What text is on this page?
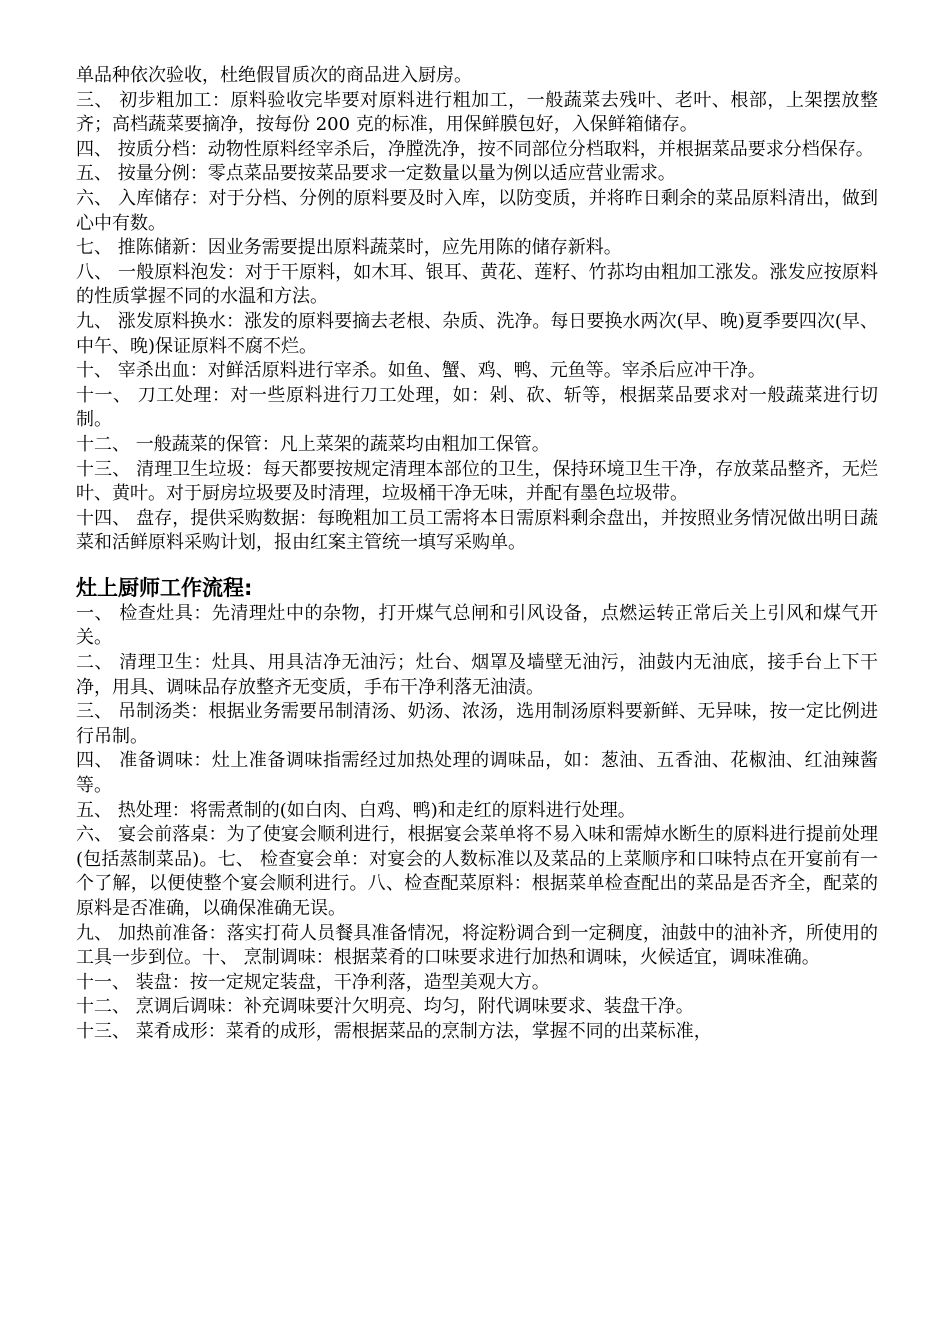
单品种依次验收，杜绝假冒质次的商品进入厨房。

三、 初步粗加工：原料验收完毕要对原料进行粗加工，一般蔬菜去残叶、老叶、根部，上架摆放整齐；高档蔬菜要摘净，按每份 200 克的标准，用保鲜膜包好，入保鲜箱储存。

四、 按质分档：动物性原料经宰杀后，净膛洗净，按不同部位分档取料，并根据菜品要求分档保存。

五、 按量分例：零点菜品要按菜品要求一定数量以量为例以适应营业需求。

六、 入库储存：对于分档、分例的原料要及时入库，以防变质，并将昨日剩余的菜品原料清出，做到心中有数。

七、 推陈储新：因业务需要提出原料蔬菜时，应先用陈的储存新料。

八、 一般原料泡发：对于干原料，如木耳、银耳、黄花、莲籽、竹荪均由粗加工涨发。涨发应按原料的性质掌握不同的水温和方法。

九、 涨发原料换水：涨发的原料要摘去老根、杂质、洗净。每日要换水两次(早、晚)夏季要四次(早、中午、晚)保证原料不腐不烂。

十、 宰杀出血：对鲜活原料进行宰杀。如鱼、蟹、鸡、鸭、元鱼等。宰杀后应冲干净。

十一、 刀工处理：对一些原料进行刀工处理，如：剁、砍、斩等，根据菜品要求对一般蔬菜进行切制。

十二、 一般蔬菜的保管：凡上菜架的蔬菜均由粗加工保管。

十三、 清理卫生垃圾：每天都要按规定清理本部位的卫生，保持环境卫生干净，存放菜品整齐，无烂叶、黄叶。对于厨房垃圾要及时清理，垃圾桶干净无味，并配有墨色垃圾带。

十四、 盘存，提供采购数据：每晚粗加工员工需将本日需原料剩余盘出，并按照业务情况做出明日蔬菜和活鲜原料采购计划，报由红案主管统一填写采购单。

灶上厨师工作流程:

一、 检查灶具：先清理灶中的杂物，打开煤气总闸和引风设备，点燃运转正常后关上引风和煤气开关。

二、 清理卫生：灶具、用具洁净无油污；灶台、烟罩及墙壁无油污，油鼓内无油底，接手台上下干净，用具、调味品存放整齐无变质，手布干净利落无油渍。

三、 吊制汤类：根据业务需要吊制清汤、奶汤、浓汤，选用制汤原料要新鲜、无异味，按一定比例进行吊制。

四、 准备调味：灶上准备调味指需经过加热处理的调味品，如：葱油、五香油、花椒油、红油辣酱等。

五、 热处理：将需煮制的(如白肉、白鸡、鸭)和走红的原料进行处理。

六、 宴会前落桌：为了使宴会顺利进行，根据宴会菜单将不易入味和需焯水断生的原料进行提前处理(包括蒸制菜品)。七、 检查宴会单：对宴会的人数标准以及菜品的上菜顺序和口味特点在开宴前有一个了解，以便使整个宴会顺利进行。八、检查配菜原料：根据菜单检查配出的菜品是否齐全，配菜的原料是否准确，以确保准确无误。

九、 加热前准备：落实打荷人员餐具准备情况，将淀粉调合到一定稠度，油鼓中的油补齐，所使用的工具一步到位。十、 烹制调味：根据菜肴的口味要求进行加热和调味，火候适宜，调味准确。

十一、 装盘：按一定规定装盘，干净利落，造型美观大方。

十二、 烹调后调味：补充调味要汁欠明亮、均匀，附代调味要求、装盘干净。

十三、 菜肴成形：菜肴的成形，需根据菜品的烹制方法，掌握不同的出菜标准，
